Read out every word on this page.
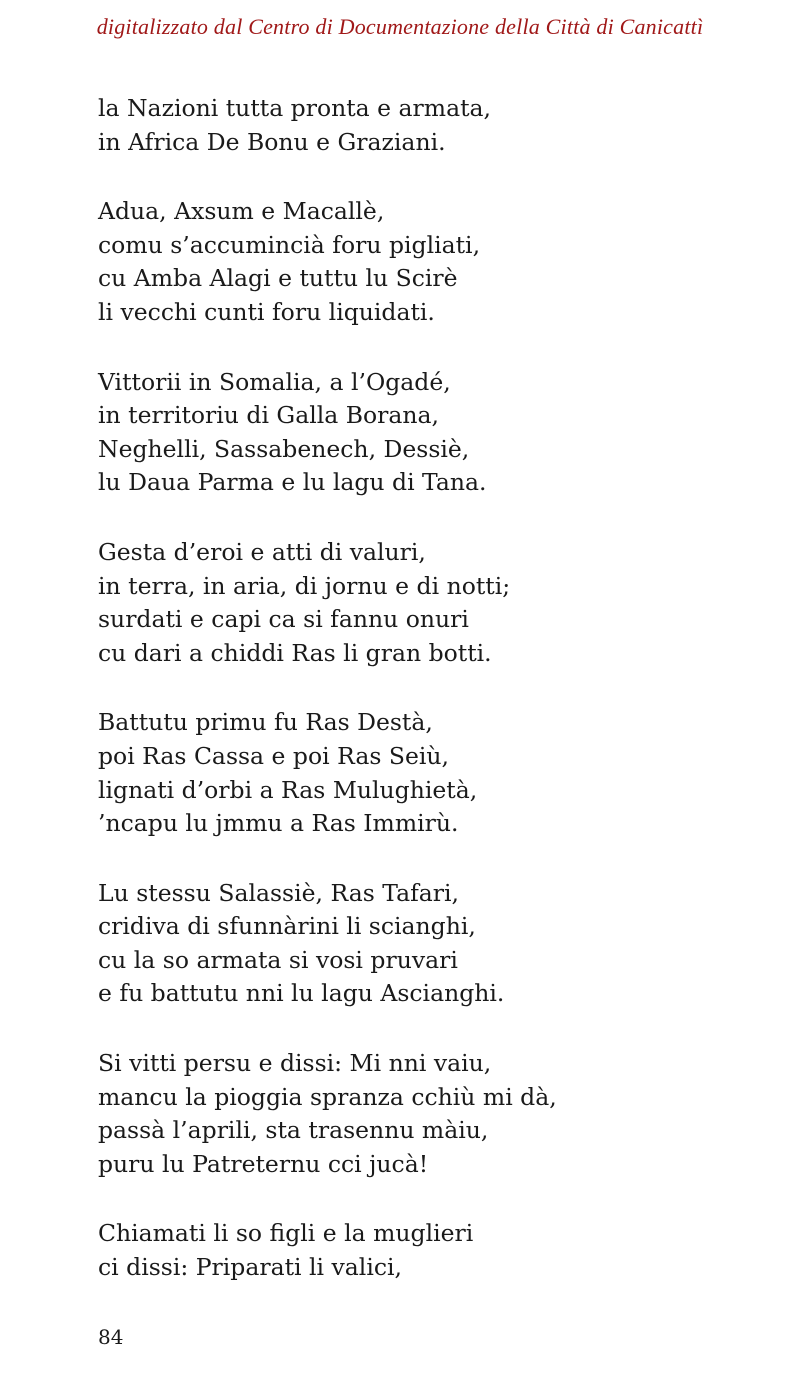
digitalizzato dal Centro di Documentazione della Città di Canicattì
la Nazioni tutta pronta e armata,
in Africa De Bonu e Graziani.
Adua, Axsum e Macallè,
comu s’accumincià foru pigliati,
cu Amba Alagi e tuttu lu Scirè
li vecchi cunti foru liquidati.
Vittorii in Somalia, a l’Ogadé,
in territoriu di Galla Borana,
Neghelli, Sassabenech, Dessiè,
lu Daua Parma e lu lagu di Tana.
Gesta d’eroi e atti di valuri,
in terra, in aria, di jornu e di notti;
surdati e capi ca si fannu onuri
cu dari a chiddi Ras li gran botti.
Battutu primu fu Ras Destà,
poi Ras Cassa e poi Ras Seiù,
lignati d’orbi a Ras Mulughietà,
’ncapu lu jmmu a Ras Immirù.
Lu stessu Salassiè, Ras Tafari,
cridiva di sfunnàrini li scianghi,
cu la so armata si vosi pruvari
e fu battutu nni lu lagu Ascianghi.
Si vitti persu e dissi: Mi nni vaiu,
mancu la pioggia spranza cchiù mi dà,
passà l’aprili, sta trasennu màiu,
puru lu Patreternu cci jucà!
Chiamati li so figli e la muglieri
ci dissi: Priparati li valici,
84
